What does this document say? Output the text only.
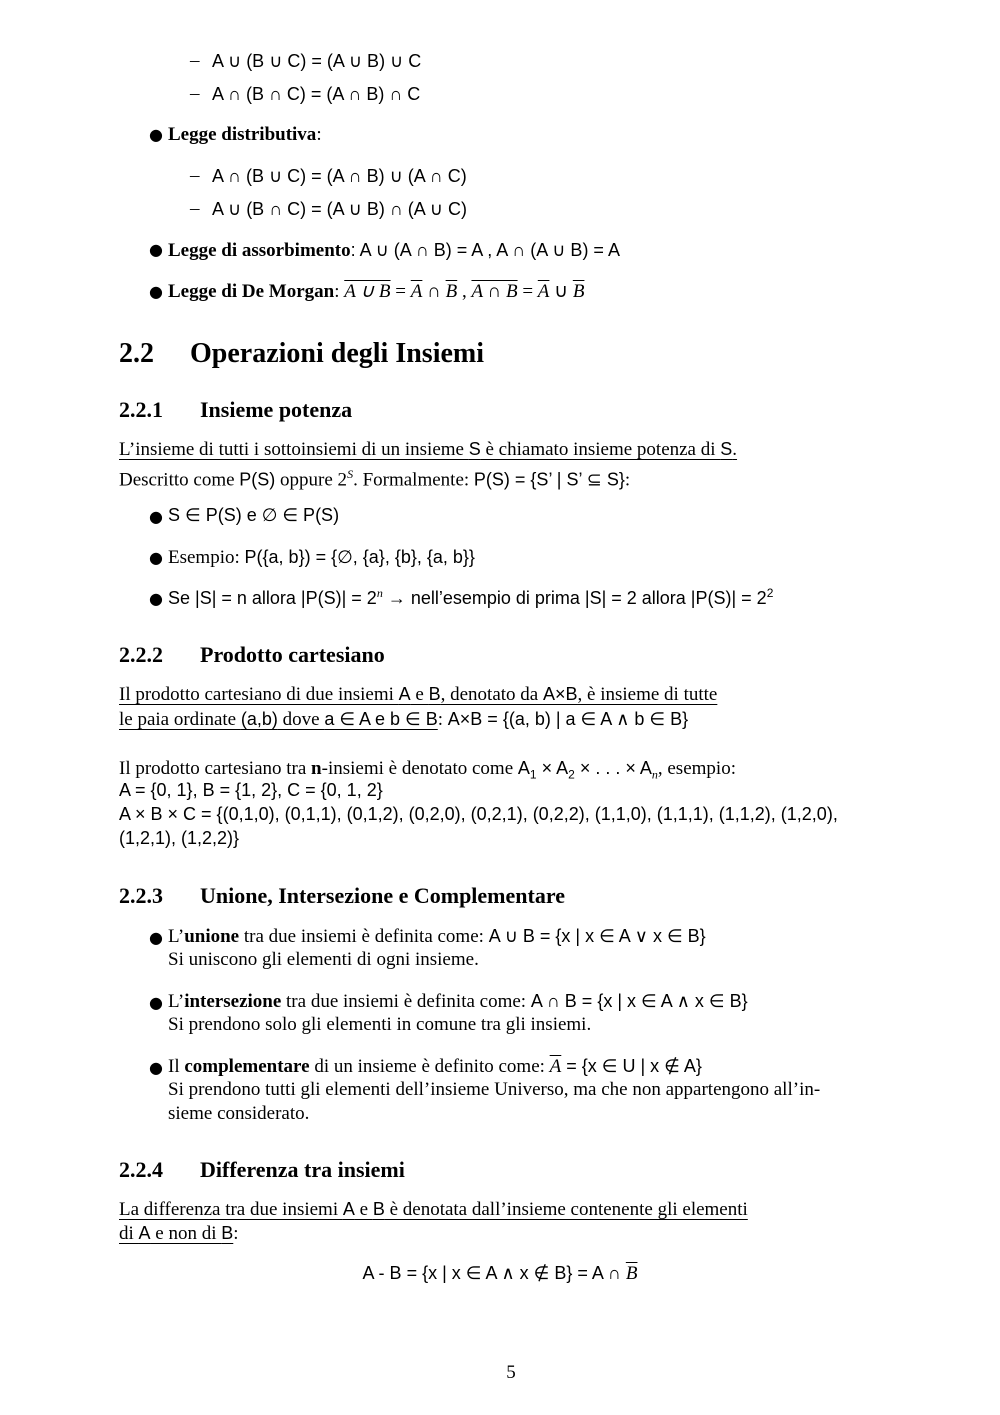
– A ∪ (B ∪ C) = (A ∪ B) ∪ C
– A ∩ (B ∩ C) = (A ∩ B) ∩ C
● Legge distributiva:
– A ∩ (B ∪ C) = (A ∩ B) ∪ (A ∩ C)
– A ∪ (B ∩ C) = (A ∪ B) ∩ (A ∪ C)
● Legge di assorbimento: A ∪ (A ∩ B) = A , A ∩ (A ∪ B) = A
● Legge di De Morgan: A ∪ $B = \overline{A}$ ∩ $\overline{B}$ , A ∩ $B = \overline{A}$ ∪ $\overline{B}$
2.2 Operazioni degli Insiemi
2.2.1 Insieme potenza
L’insieme di tutti i sottoinsiemi di un insieme S è chiamato insieme potenza di S.
Descritto come P(S) oppure $2^S$. Formalmente: P(S) = {S’ | S’ ⊆ S}:
● S ∈ P(S) e ∅ ∈ P(S)
● Esempio: P({a, b}) = {∅, {a}, {b}, {a, b}}
● Se |S| = n allora $|P(S)| = 2^n$ → nell’esempio di prima |S| = 2 allora $|P(S)| = 2^2$
2.2.2 Prodotto cartesiano
Il prodotto cartesiano di due insiemi A e B, denotato da A×B, è insieme di tutte
le paia ordinate (a,b) dove a ∈ A e b ∈ B: A×B = {(a, b) | a ∈ A ∧ b ∈ B}
Il prodotto cartesiano tra n-insiemi è denotato come $A_1 \times A_2$ × . . . × $A_n$, esempio:
A = {0, 1}, B = {1, 2}, C = {0, 1, 2}
A × B × C = {(0,1,0), (0,1,1), (0,1,2), (0,2,0), (0,2,1), (0,2,2), (1,1,0), (1,1,1), (1,1,2), (1,2,0),
(1,2,1), (1,2,2)}
2.2.3 Unione, Intersezione e Complementare
● L’unione tra due insiemi è definita come: A ∪ B = {x | x ∈ A ∨ x ∈ B}
Si uniscono gli elementi di ogni insieme.
● L’intersezione tra due insiemi è definita come: A ∩ B = {x | x ∈ A ∧ x ∈ B}
Si prendono solo gli elementi in comune tra gli insiemi.
● Il complementare di un insieme è definito come: $\overline{A} = \{x$ ∈ U | x ∉ A}
Si prendono tutti gli elementi dell’insieme Universo, ma che non appartengono all’in-
sieme considerato.
2.2.4 Differenza tra insiemi
La differenza tra due insiemi A e B è denotata dall’insieme contenente gli elementi
di A e non di B:
A - B = {x | x ∈ A ∧ x ∉ B} = A ∩ $\overline{B}$
5
